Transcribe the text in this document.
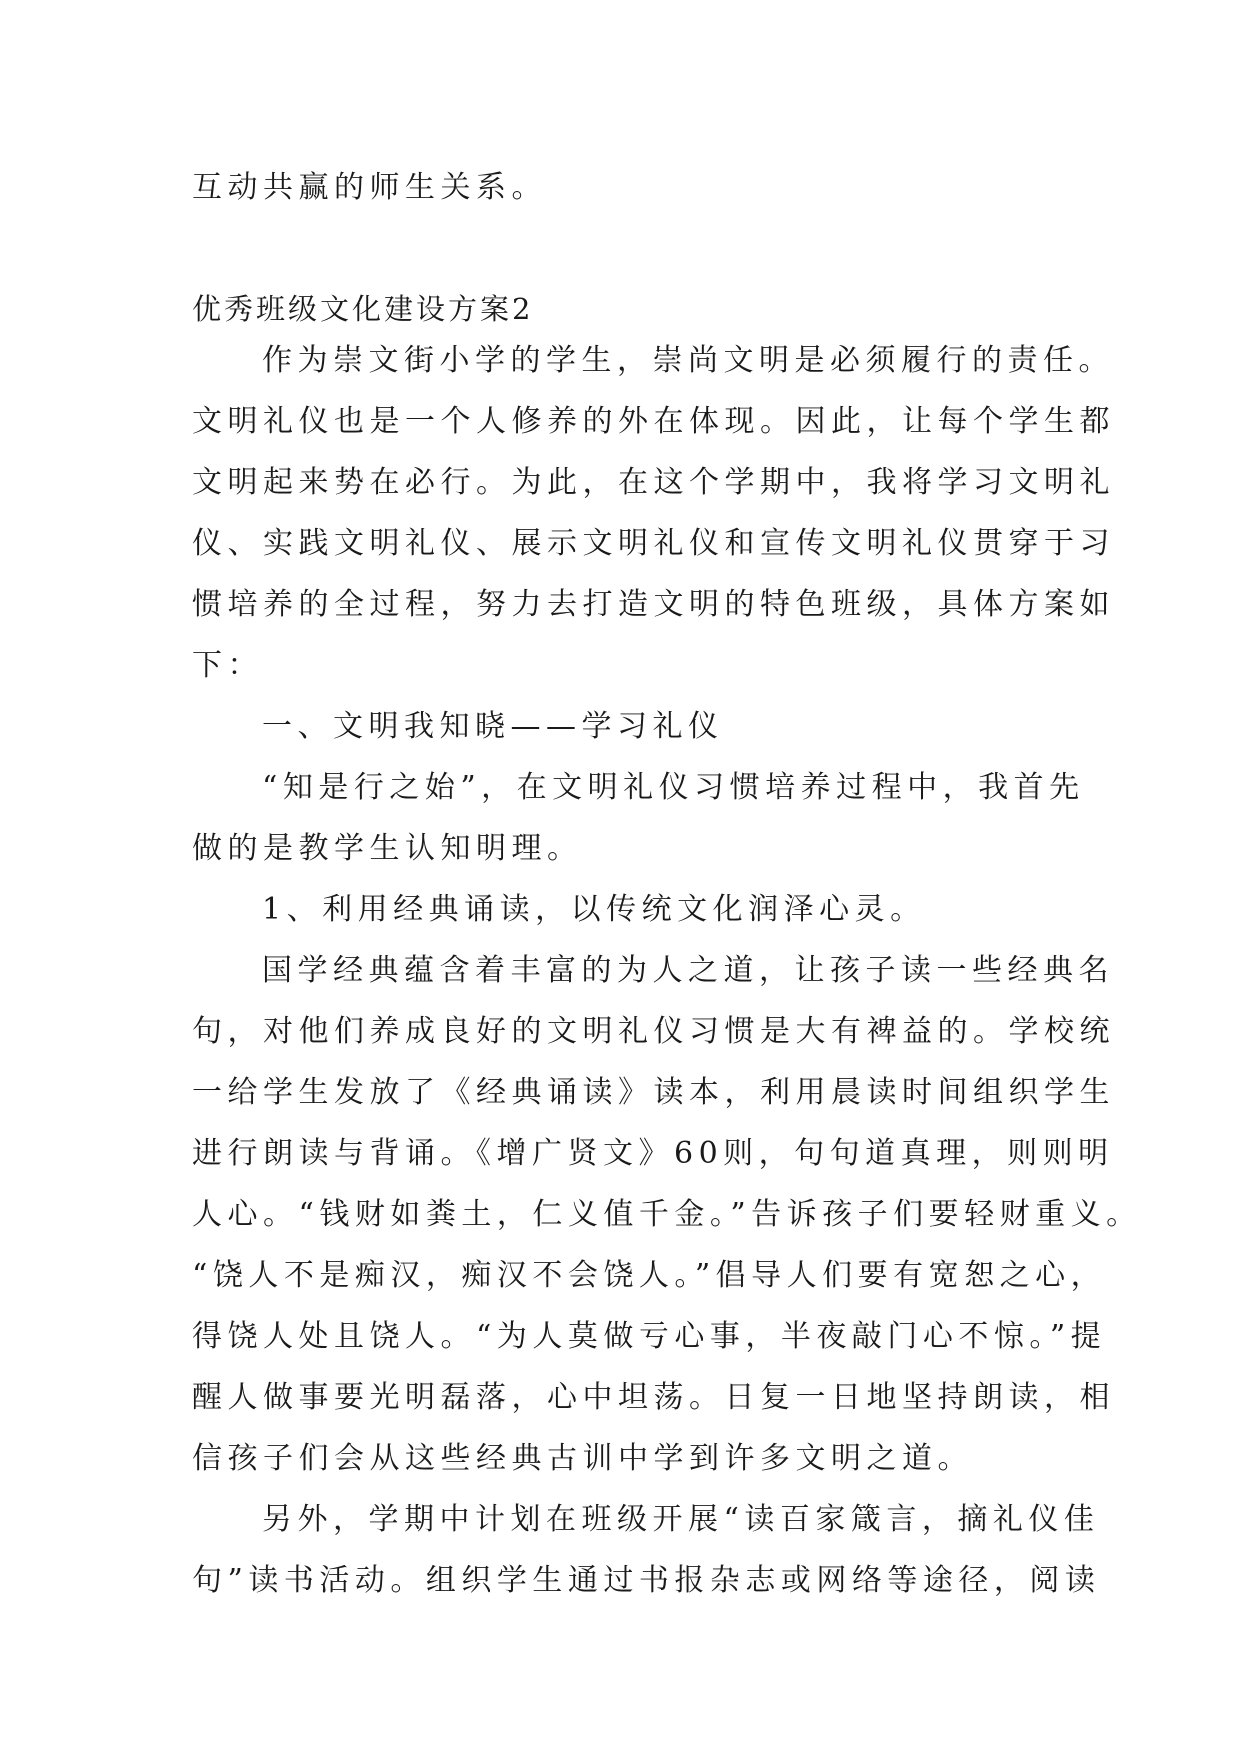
互动共赢的师生关系。
优秀班级文化建设方案2
作为崇文街小学的学生，崇尚文明是必须履行的责任。
文明礼仪也是一个人修养的外在体现。因此，让每个学生都
文明起来势在必行。为此，在这个学期中，我将学习文明礼
仪、实践文明礼仪、展示文明礼仪和宣传文明礼仪贯穿于习
惯培养的全过程，努力去打造文明的特色班级，具体方案如
下：
一、文明我知晓——学习礼仪
“知是行之始”，在文明礼仪习惯培养过程中，我首先
做的是教学生认知明理。
1、利用经典诵读，以传统文化润泽心灵。
国学经典蕴含着丰富的为人之道，让孩子读一些经典名
句，对他们养成良好的文明礼仪习惯是大有裨益的。学校统
一给学生发放了《经典诵读》读本，利用晨读时间组织学生
进行朗读与背诵。《增广贤文》60则，句句道真理，则则明
人心。“钱财如粪土，仁义值千金。”告诉孩子们要轻财重义。
“饶人不是痴汉，痴汉不会饶人。”倡导人们要有宽恕之心，
得饶人处且饶人。“为人莫做亏心事，半夜敲门心不惊。”提
醒人做事要光明磊落，心中坦荡。日复一日地坚持朗读，相
信孩子们会从这些经典古训中学到许多文明之道。
另外，学期中计划在班级开展“读百家箴言，摘礼仪佳
句”读书活动。组织学生通过书报杂志或网络等途径，阅读
